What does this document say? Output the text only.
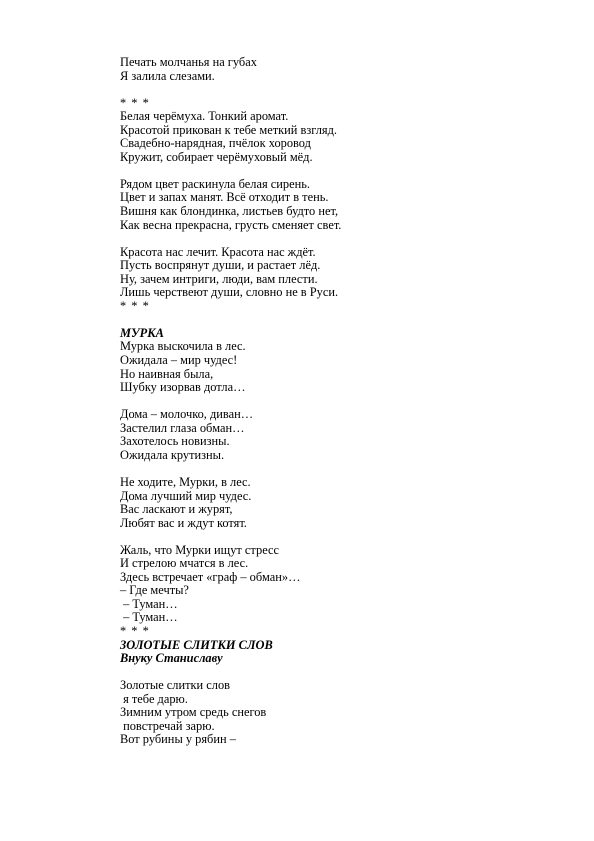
Печать молчанья на губах
Я залила слезами.
* * *
Белая черёмуха. Тонкий аромат.
Красотой прикован к тебе меткий взгляд.
Свадебно-нарядная, пчёлок хоровод
Кружит, собирает черёмуховый мёд.
Рядом цвет раскинула белая сирень.
Цвет и запах манят. Всё отходит в тень.
Вишня как блондинка, листьев будто нет,
Как весна прекрасна, грусть сменяет свет.
Красота нас лечит. Красота нас ждёт.
Пусть воспрянут души, и растает лёд.
Ну, зачем интриги, люди, вам плести.
Лишь черствеют души, словно не в Руси.
* * *
МУРКА
Мурка выскочила в лес.
Ожидала – мир чудес!
Но наивная была,
Шубку изорвав дотла…
Дома – молочко, диван…
Застелил глаза обман…
Захотелось новизны.
Ожидала крутизны.
Не ходите, Мурки, в лес.
Дома лучший мир чудес.
Вас ласкают и журят,
Любят вас и ждут котят.
Жаль, что Мурки ищут стресс
И стрелою мчатся в лес.
Здесь встречает «граф – обман»…
– Где мечты?
– Туман…
– Туман…
* * *
ЗОЛОТЫЕ СЛИТКИ СЛОВ
Внуку Станиславу
Золотые слитки слов
я тебе дарю.
Зимним утром средь снегов
повстречай зарю.
Вот рубины у рябин –
